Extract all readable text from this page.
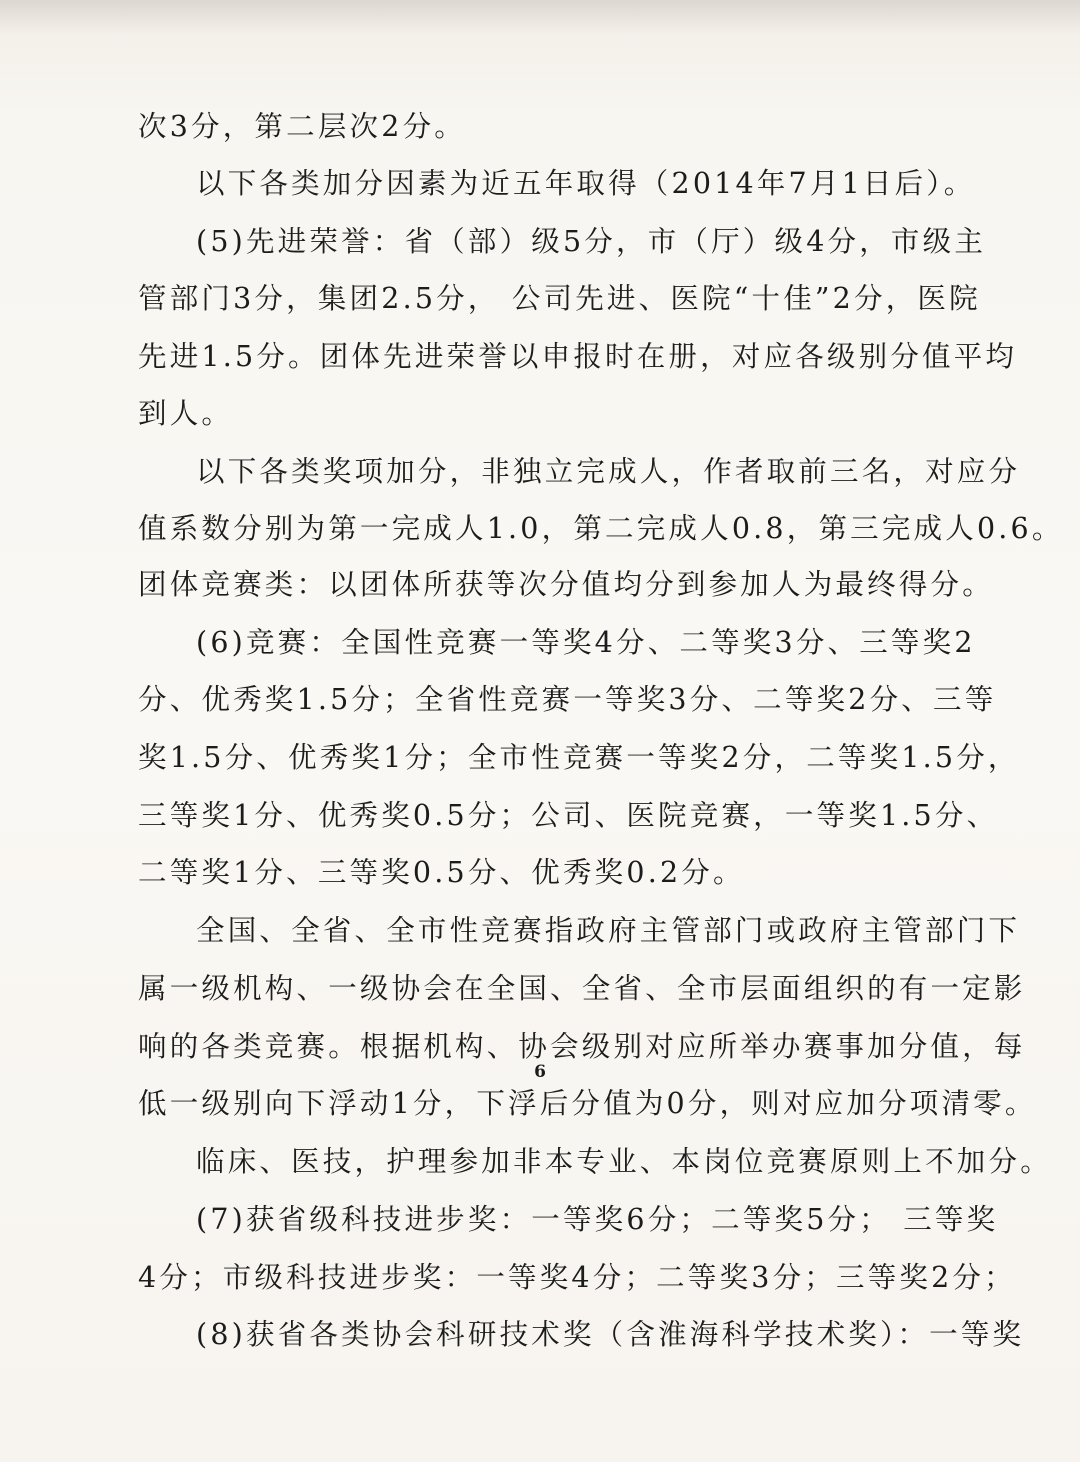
次3分，第二层次2分。
以下各类加分因素为近五年取得（2014年7月1日后）。
(5)先进荣誉：省（部）级5分，市（厅）级4分，市级主
管部门3分，集团2.5分， 公司先进、医院“十佳”2分，医院
先进1.5分。团体先进荣誉以申报时在册，对应各级别分值平均
到人。
以下各类奖项加分，非独立完成人，作者取前三名，对应分
值系数分别为第一完成人1.0，第二完成人0.8，第三完成人0.6。
团体竞赛类：以团体所获等次分值均分到参加人为最终得分。
(6)竞赛：全国性竞赛一等奖4分、二等奖3分、三等奖2
分、优秀奖1.5分；全省性竞赛一等奖3分、二等奖2分、三等
奖1.5分、优秀奖1分；全市性竞赛一等奖2分，二等奖1.5分，
三等奖1分、优秀奖0.5分；公司、医院竞赛，一等奖1.5分、
二等奖1分、三等奖0.5分、优秀奖0.2分。
全国、全省、全市性竞赛指政府主管部门或政府主管部门下
属一级机构、一级协会在全国、全省、全市层面组织的有一定影
响的各类竞赛。根据机构、协会级别对应所举办赛事加分值，每
低一级别向下浮动1分，下浮后分值为0分，则对应加分项清零。
临床、医技，护理参加非本专业、本岗位竞赛原则上不加分。
(7)获省级科技进步奖：一等奖6分；二等奖5分； 三等奖
4分；市级科技进步奖：一等奖4分；二等奖3分；三等奖2分；
(8)获省各类协会科研技术奖（含淮海科学技术奖）：一等奖
6
